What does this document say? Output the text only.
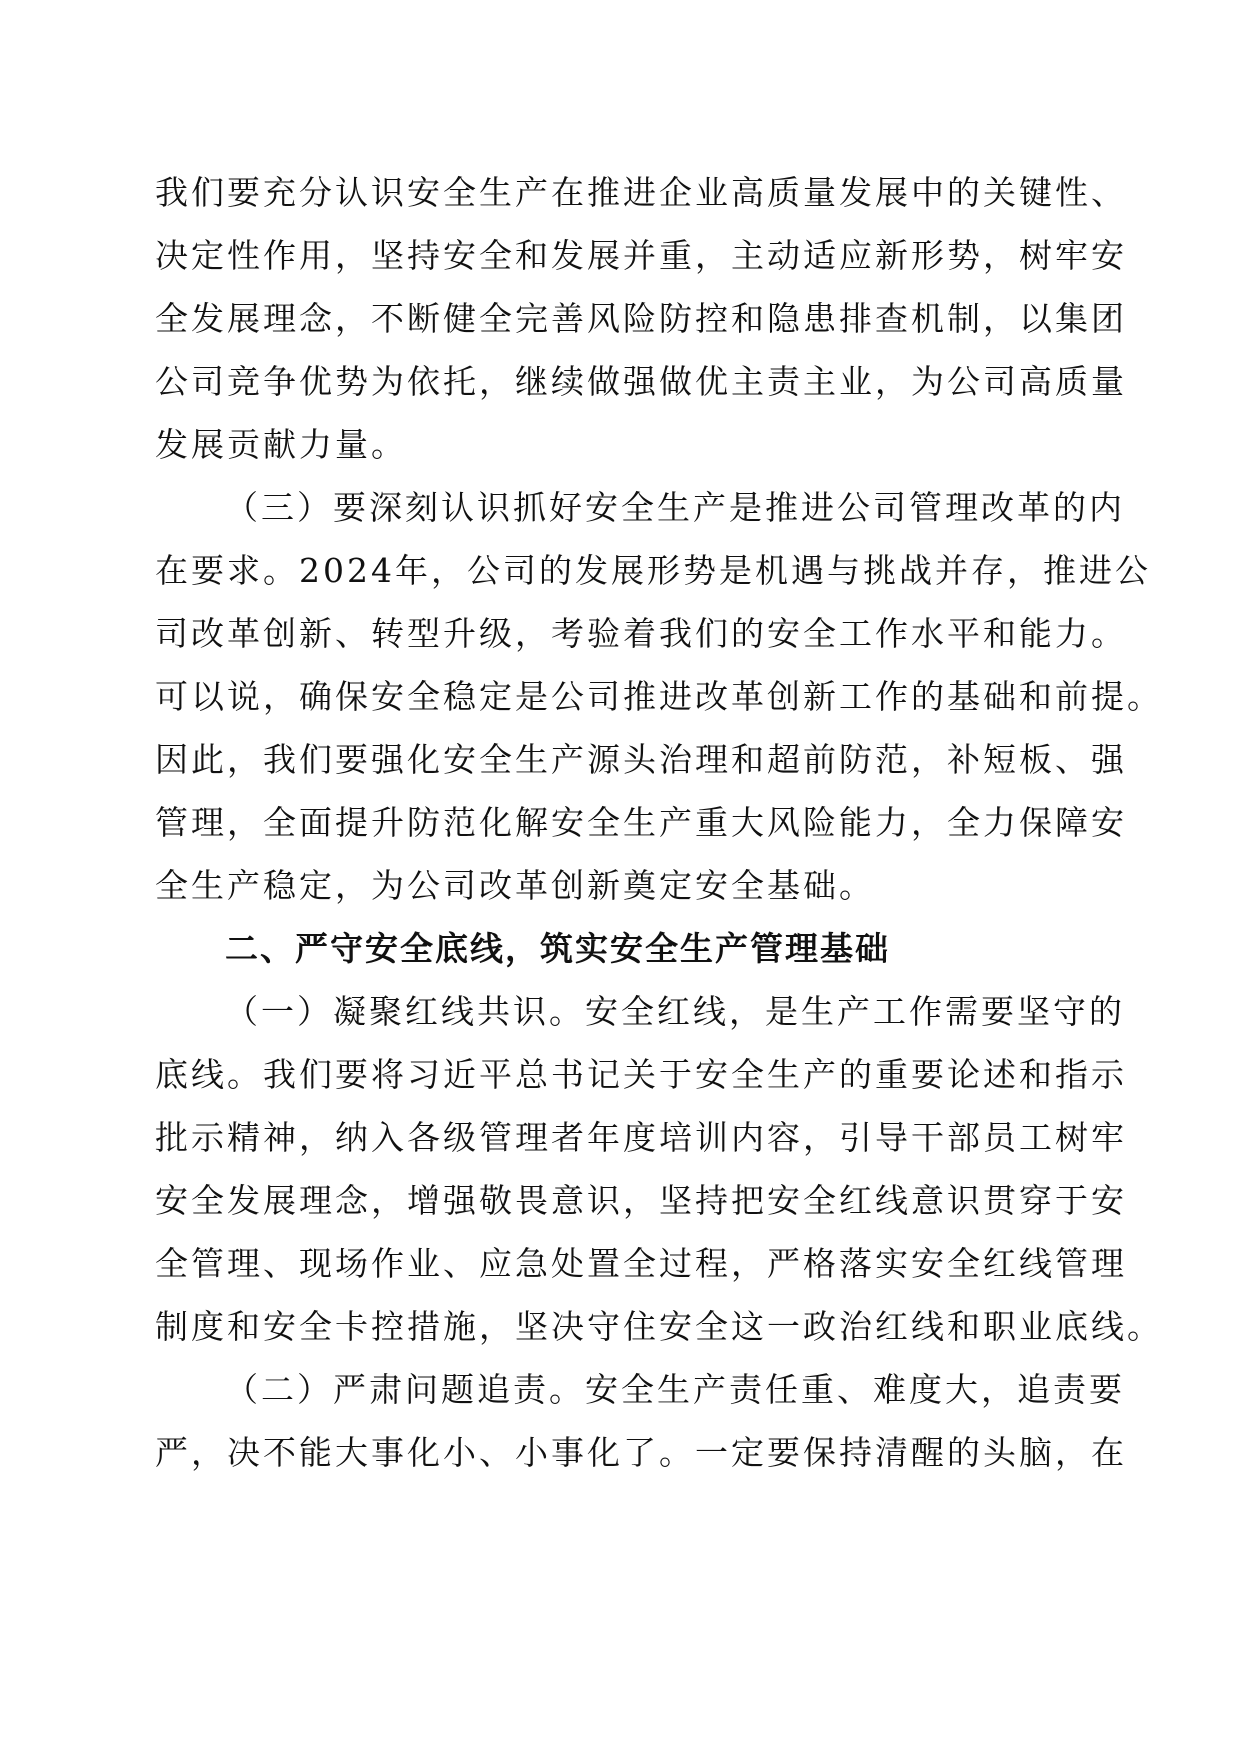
我们要充分认识安全生产在推进企业高质量发展中的关键性、
决定性作用，坚持安全和发展并重，主动适应新形势，树牢安
全发展理念，不断健全完善风险防控和隐患排查机制，以集团
公司竞争优势为依托，继续做强做优主责主业，为公司高质量
发展贡献力量。
（三）要深刻认识抓好安全生产是推进公司管理改革的内
在要求。2024年，公司的发展形势是机遇与挑战并存，推进公
司改革创新、转型升级，考验着我们的安全工作水平和能力。
可以说，确保安全稳定是公司推进改革创新工作的基础和前提。
因此，我们要强化安全生产源头治理和超前防范，补短板、强
管理，全面提升防范化解安全生产重大风险能力，全力保障安
全生产稳定，为公司改革创新奠定安全基础。
二、严守安全底线，筑实安全生产管理基础
（一）凝聚红线共识。安全红线，是生产工作需要坚守的
底线。我们要将习近平总书记关于安全生产的重要论述和指示
批示精神，纳入各级管理者年度培训内容，引导干部员工树牢
安全发展理念，增强敬畏意识，坚持把安全红线意识贯穿于安
全管理、现场作业、应急处置全过程，严格落实安全红线管理
制度和安全卡控措施，坚决守住安全这一政治红线和职业底线。
（二）严肃问题追责。安全生产责任重、难度大，追责要
严，决不能大事化小、小事化了。一定要保持清醒的头脑，在
